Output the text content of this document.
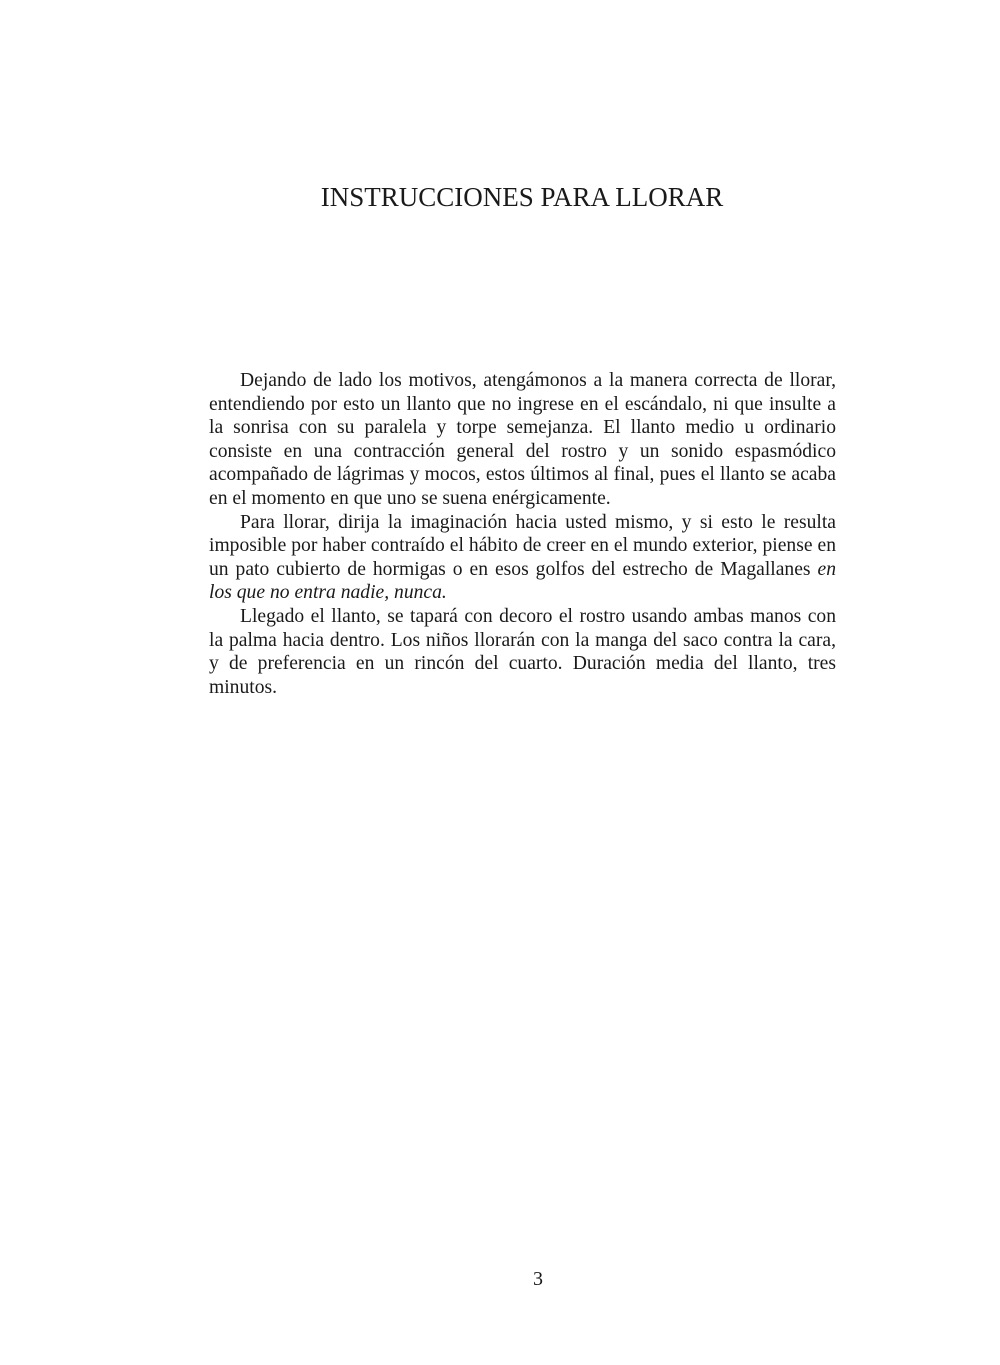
INSTRUCCIONES PARA LLORAR

Dejando de lado los motivos, atengámonos a la manera correcta de llorar, entendiendo por esto un llanto que no ingrese en el escándalo, ni que insulte a la sonrisa con su paralela y torpe semejanza. El llanto medio u ordinario consiste en una contracción general del rostro y un sonido espasmódico acompañado de lágrimas y mocos, estos últimos al final, pues el llanto se acaba en el momento en que uno se suena enérgicamente.

Para llorar, dirija la imaginación hacia usted mismo, y si esto le resulta imposible por haber contraído el hábito de creer en el mundo exterior, piense en un pato cubierto de hormigas o en esos golfos del estrecho de Magallanes en los que no entra nadie, nunca.

Llegado el llanto, se tapará con decoro el rostro usando ambas manos con la palma hacia dentro. Los niños llorarán con la manga del saco contra la cara, y de preferencia en un rincón del cuarto. Duración media del llanto, tres minutos.

3
